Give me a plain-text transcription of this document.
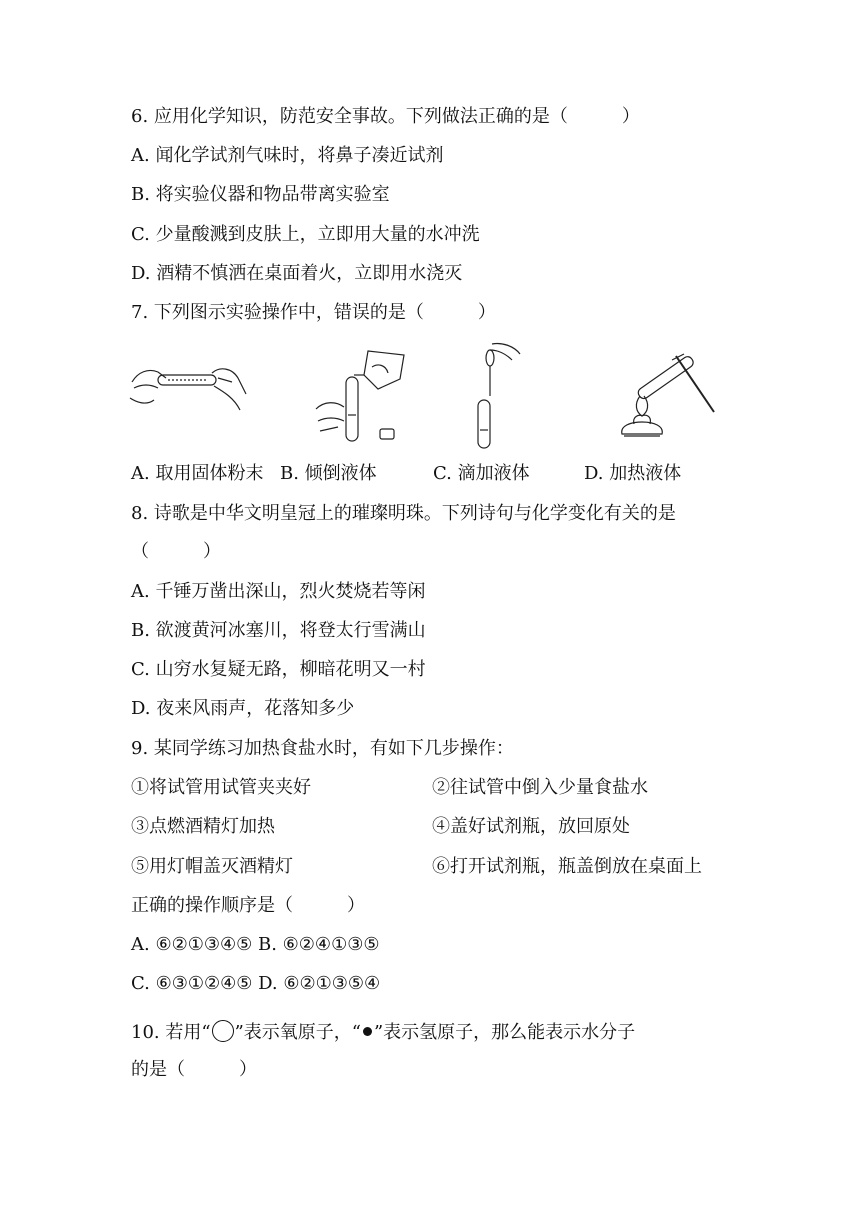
6. 应用化学知识，防范安全事故。下列做法正确的是（　　　）
A. 闻化学试剂气味时，将鼻子凑近试剂
B. 将实验仪器和物品带离实验室
C. 少量酸溅到皮肤上，立即用大量的水冲洗
D. 酒精不慎洒在桌面着火，立即用水浇灭
7. 下列图示实验操作中，错误的是（　　　）
A. 取用固体粉末 B. 倾倒液体	C. 滴加液体	D. 加热液体
8. 诗歌是中华文明皇冠上的璀璨明珠。下列诗句与化学变化有关的是
（　　　）
A. 千锤万凿出深山，烈火焚烧若等闲
B. 欲渡黄河冰塞川，将登太行雪满山
C. 山穷水复疑无路，柳暗花明又一村
D. 夜来风雨声，花落知多少
9. 某同学练习加热食盐水时，有如下几步操作：
①将试管用试管夹夹好	②往试管中倒入少量食盐水
③点燃酒精灯加热	④盖好试剂瓶，放回原处
⑤用灯帽盖灭酒精灯	⑥打开试剂瓶，瓶盖倒放在桌面上
正确的操作顺序是（　　　）
A. ⑥②①③④⑤ B. ⑥②④①③⑤
C. ⑥③①②④⑤ D. ⑥②①③⑤④
10. 若用“ ”表示氧原子，“ ”表示氢原子，那么能表示水分子
的是（　　　）
